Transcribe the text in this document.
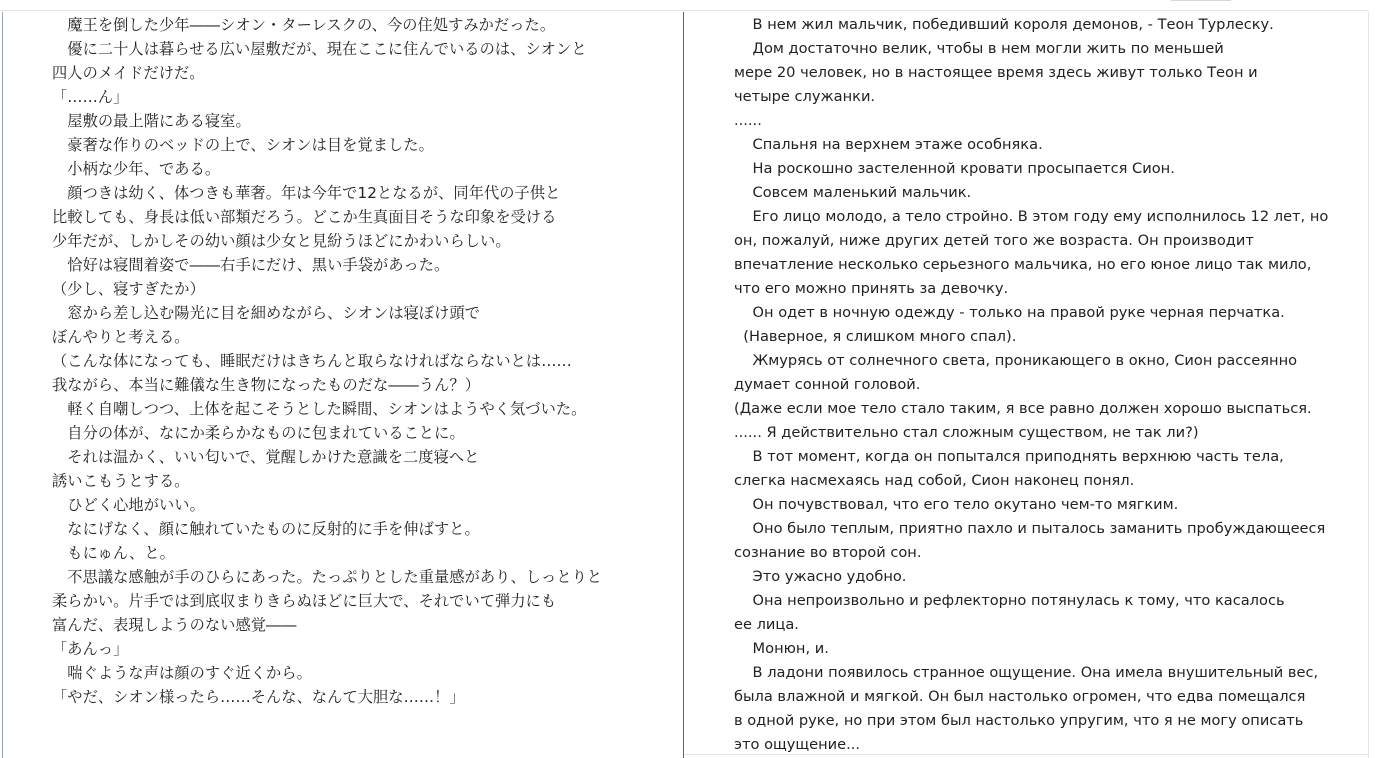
　魔王を倒した少年――シオン・ターレスクの、今の住処すみかだった。
　優に二十人は暮らせる広い屋敷だが、現在ここに住んでいるのは、シオンと
四人のメイドだけだ。
「……ん」
　屋敷の最上階にある寝室。
　豪奢な作りのベッドの上で、シオンは目を覚ました。
　小柄な少年、である。
　顔つきは幼く、体つきも華奢。年は今年で12となるが、同年代の子供と
比較しても、身長は低い部類だろう。どこか生真面目そうな印象を受ける
少年だが、しかしその幼い顔は少女と見紛うほどにかわいらしい。
　恰好は寝間着姿で――右手にだけ、黒い手袋があった。
（少し、寝すぎたか）
　窓から差し込む陽光に目を細めながら、シオンは寝ぼけ頭で
ぼんやりと考える。
（こんな体になっても、睡眠だけはきちんと取らなければならないとは……
我ながら、本当に難儀な生き物になったものだな――うん？）
　軽く自嘲しつつ、上体を起こそうとした瞬間、シオンはようやく気づいた。
　自分の体が、なにか柔らかなものに包まれていることに。
　それは温かく、いい匂いで、覚醒しかけた意識を二度寝へと
誘いこもうとする。
　ひどく心地がいい。
　なにげなく、顔に触れていたものに反射的に手を伸ばすと。
　もにゅん、と。
　不思議な感触が手のひらにあった。たっぷりとした重量感があり、しっとりと
柔らかい。片手では到底収まりきらぬほどに巨大で、それでいて弾力にも
富んだ、表現しようのない感覚――
「あんっ」
　喘ぐような声は顔のすぐ近くから。
「やだ、シオン様ったら……そんな、なんて大胆な……！」
В нем жил мальчик, победивший короля демонов, - Теон Турлеску.
Дом достаточно велик, чтобы в нем могли жить по меньшей
мере 20 человек, но в настоящее время здесь живут только Теон и
четыре служанки.
......
Спальня на верхнем этаже особняка.
На роскошно застеленной кровати просыпается Сион.
Совсем маленький мальчик.
Его лицо молодо, а тело стройно. В этом году ему исполнилось 12 лет, но
он, пожалуй, ниже других детей того же возраста. Он производит
впечатление несколько серьезного мальчика, но его юное лицо так мило,
что его можно принять за девочку.
Он одет в ночную одежду - только на правой руке черная перчатка.
(Наверное, я слишком много спал).
Жмурясь от солнечного света, проникающего в окно, Сион рассеянно
думает сонной головой.
(Даже если мое тело стало таким, я все равно должен хорошо выспаться.
...... Я действительно стал сложным существом, не так ли?)
В тот момент, когда он попытался приподнять верхнюю часть тела,
слегка насмехаясь над собой, Сион наконец понял.
Он почувствовал, что его тело окутано чем-то мягким.
Оно было теплым, приятно пахло и пыталось заманить пробуждающееся
сознание во второй сон.
Это ужасно удобно.
Она непроизвольно и рефлекторно потянулась к тому, что касалось
ее лица.
Монюн, и.
В ладони появилось странное ощущение. Она имела внушительный вес,
была влажной и мягкой. Он был настолько огромен, что едва помещался
в одной руке, но при этом был настолько упругим, что я не могу описать
это ощущение...
